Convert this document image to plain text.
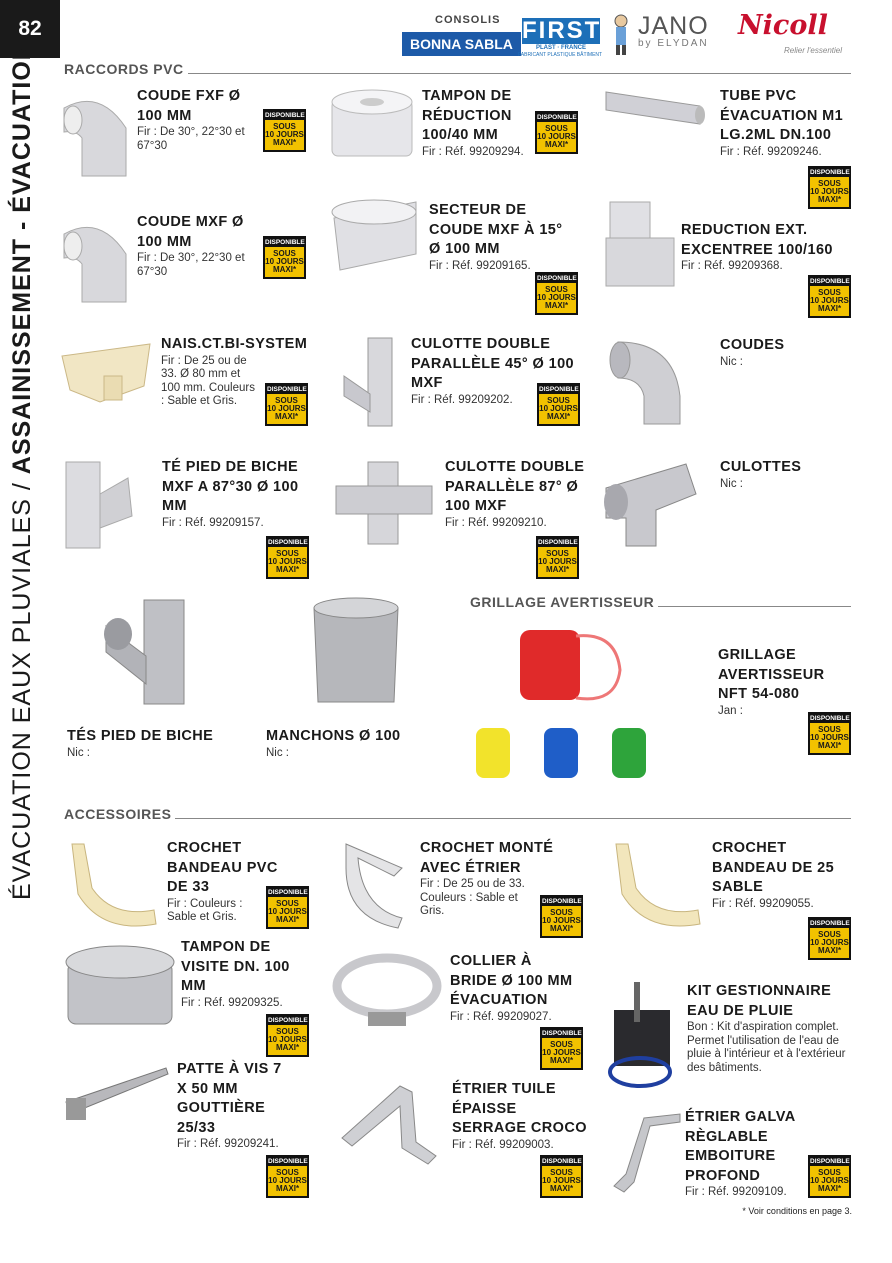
82
ÉVACUATION EAUX PLUVIALES / ASSAINISSEMENT - ÉVACUATION
CONSOLIS
BONNA SABLA FIRST
PLAST · FRANCE
FABRICANT PLASTIQUE BÂTIMENT
JANO
by ELYDAN
Nicoll
Relier l'essentiel
RACCORDS PVC
GRILLAGE AVERTISSEUR
ACCESSOIRES
COUDE FXF Ø 100 MM
Fir : De 30°, 22°30 et 67°30
TAMPON DE RÉDUCTION 100/40 MM
Fir : Réf. 99209294.
TUBE PVC ÉVACUATION M1 LG.2ML DN.100
Fir : Réf. 99209246.
COUDE MXF Ø 100 MM
Fir : De 30°, 22°30 et 67°30
SECTEUR DE COUDE MXF À 15° Ø 100 MM
Fir : Réf. 99209165.
REDUCTION EXT. EXCENTREE 100/160
Fir : Réf. 99209368.
NAIS.CT.BI-SYSTEM
Fir : De 25 ou de 33. Ø 80 mm et 100 mm. Couleurs : Sable et Gris.
CULOTTE DOUBLE PARALLÈLE 45° Ø 100 MXF
Fir : Réf. 99209202.
COUDES
Nic :
TÉ PIED DE BICHE MXF A 87°30 Ø 100 MM
Fir : Réf. 99209157.
CULOTTE DOUBLE PARALLÈLE 87° Ø 100 MXF
Fir : Réf. 99209210.
CULOTTES
Nic :
TÉS PIED DE BICHE
Nic :
MANCHONS Ø 100
Nic :
GRILLAGE AVERTISSEUR NFT 54-080
Jan :
CROCHET BANDEAU PVC DE 33
Fir : Couleurs : Sable et Gris.
CROCHET MONTÉ AVEC ÉTRIER
Fir : De 25 ou de 33. Couleurs : Sable et Gris.
CROCHET BANDEAU DE 25 SABLE
Fir : Réf. 99209055.
TAMPON DE VISITE DN. 100 MM
Fir : Réf. 99209325.
COLLIER À BRIDE Ø 100 MM ÉVACUATION
Fir : Réf. 99209027.
KIT GESTIONNAIRE EAU DE PLUIE
Bon : Kit d'aspiration complet. Permet l'utilisation de l'eau de pluie à l'intérieur et à l'extérieur des bâtiments.
PATTE À VIS 7 X 50 MM GOUTTIÈRE 25/33
Fir : Réf. 99209241.
ÉTRIER TUILE ÉPAISSE SERRAGE CROCO
Fir : Réf. 99209003.
ÉTRIER GALVA RÈGLABLE EMBOITURE PROFOND
Fir : Réf. 99209109.
DISPONIBLE
SOUS
10 JOURS
MAXI*
DISPONIBLE
SOUS
10 JOURS
MAXI*
DISPONIBLE
SOUS
10 JOURS
MAXI*
DISPONIBLE
SOUS
10 JOURS
MAXI*
DISPONIBLE
SOUS
10 JOURS
MAXI*
DISPONIBLE
SOUS
10 JOURS
MAXI*
DISPONIBLE
SOUS
10 JOURS
MAXI*
DISPONIBLE
SOUS
10 JOURS
MAXI*
DISPONIBLE
SOUS
10 JOURS
MAXI*
DISPONIBLE
SOUS
10 JOURS
MAXI*
DISPONIBLE
SOUS
10 JOURS
MAXI*
DISPONIBLE
SOUS
10 JOURS
MAXI*
DISPONIBLE
SOUS
10 JOURS
MAXI*
DISPONIBLE
SOUS
10 JOURS
MAXI*
DISPONIBLE
SOUS
10 JOURS
MAXI*
DISPONIBLE
SOUS
10 JOURS
MAXI*
DISPONIBLE
SOUS
10 JOURS
MAXI*
DISPONIBLE
SOUS
10 JOURS
MAXI*
DISPONIBLE
SOUS
10 JOURS
MAXI*
* Voir conditions en page 3.
